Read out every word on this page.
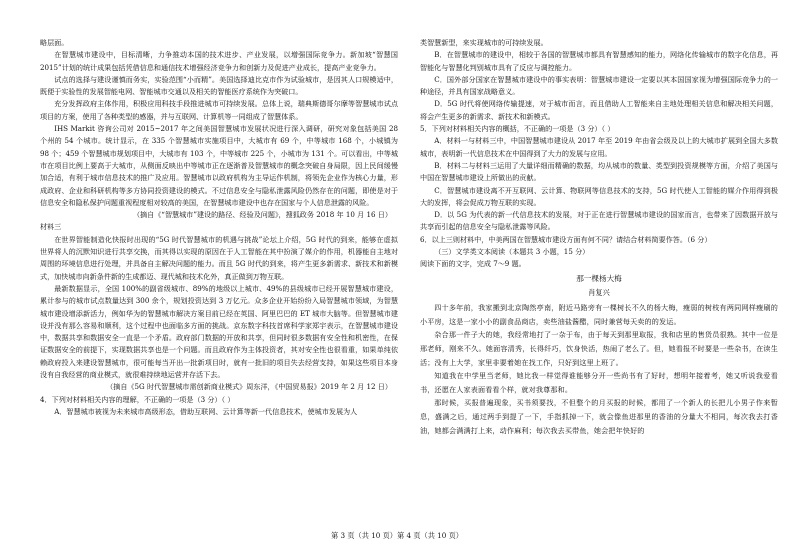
略层面。

在智慧城市建设中，目标清晰，力争推动本国的技术进步、产业发展，以增强国际竞争力。新加坡“智慧国2015”计划的统计成果包括凭借信息和通信技术增强经济竞争力和创新力及促进产业成长，提高产业竞争力。

试点的选择与建设谨慎而务实，实验范围“小而精”。美国选择迪比克市作为试验城市，是因其人口规模适中，既便于实验性的发展智能电网、智能城市交通以及相关的智能医疗系统作为突破口。

充分发挥政府主体作用，积极应用科技手段推进城市可持续发展。总体上说，瑞典斯德哥尔摩等智慧城市试点项目的方案，使用了各种类型的感器，并与互联网、计算机等一同组成了智慧体系。

IHS Markit 咨询公司对 2015~2017 年之间美国智慧城市发展状况进行深入调研，研究对象包括美国 28 个州的 54 个城市。统计显示，在 335 个智慧城市实施项目中，大城市有 69 个，中等城市 168 个，小城镇为 98 个；459 个智慧城市规划项目中，大城市有 103 个，中等城市 225 个，小城市为 131 个。可以看出，中等城市在项目比例上要高于大城市，从侧面反映出中等城市正在逐渐普及智慧城市的概念突破自身局限，因上民间缓慢加合适，有利于城市信息技术的推广及应用。智慧城市以政府机构为主导运作机制，将领先企业作为核心力量，形成政府、企业和科研机构等多方协同投资建设的模式。不过信息安全与隐私泄露风险仍然存在的问题，即使是对于信息安全和隐私保护问题重视程度相对较高的美国，在智慧城市建设中也存在国家与个人信息泄露的风险。

（摘自《“智慧城市”建设的路径、经验及问题》，搜狐政务 2018 年 10 月 16 日）

材料三

在世界智能制造化快报时出现的“5G 时代智慧城市的机遇与挑战”论坛上介绍，5G 时代的到来，能够在虚拟世界将人的沉默知识进行共享交换，而其得以实现的原因在于人工智能在其中扮演了媒介的作用，机器能自主地对周围的环境信息进行处理，并具备自主解决问题的能力。而且 5G 时代的到来，将产生更多新需求、新技术和新模式，加快城市向新条件新的生成都迈、现代城和技术化外，真正做到万物互联。

最新数据显示，全国 100%的副省级城市、89%的地级以上城市、49%的县级城市已经开展智慧城市建设，累计参与的城市试点数量达到 300 余个，规划投资达到 3 万亿元。众多企业开始纷纷入局智慧城市领域，为智慧城市建设增添新活力，例如华为的智慧城市解决方案目前已经在英国、阿里巴巴的 ET 城市大脑等。但智慧城市建设并没有那么容易和顺利，这个过程中也面临多方面的挑战。京东数字科技首席科学家郑宇表示，在智慧城市建设中，数据共享和数据安全一直是一个矛盾。政府部门数据的开放和共享，但同时很多数据有安全性和机密性，在保证数据安全的前提下，实现数据共享也是一个问题。而且政府作为主体投资者，其对安全性也很看重，如果单纯依赖政府投入来建设智慧城市，很可能每当开出一批新项目时，就有一批旧的项目失去经营支持，如果这些项目本身没有自我经营的商业模式，就很难持续地运营并存活下去。

（摘自《5G 时代智慧城市需创新商业模式》周东洋，《中国贸易报》2019 年 2 月 12 日）

4．下列对材料相关内容的理解，不正确的一项是（3 分）（ ）

A．智慧城市被视为未来城市高级形态，借助互联网、云计算等新一代信息技术，使城市发展为人

类智慧新型，来实现城市的可持续发展。

B．在智慧城市的建设中，相较于各国的智慧城市都具有智慧感知的能力，网络化传输城市的数字化信息，再智能化与智慧化判别城市具有了反应与调控能力。

C．国外部分国家在智慧城市建设中的事实表明：智慧城市建设一定要以其本国国家视为增强国际竞争力的一种途径，并具有国家战略意义。

D．5G 时代将使网络传输提速，对于城市而言，而且借助人工智能来自主地处理相关信息和解决相关问题，将会产生更多的新需求、新技术和新模式。

5．下列对材料相关内容的概括，不正确的一项是（3 分）（ ）

A．材料一与材料三中，中国智慧城市建设从 2017 年至 2019 年由省会级及以上的大城市扩展到全国大多数城市，表明新一代信息技术在中国得到了大力的发展与应用。

B．材料二与材料三运用了大量详细而精确的数据，均从城市的数量、类型到投资规模等方面，介绍了美国与中国在智慧城市建设上所做出的贡献。

C．智慧城市建设离不开互联网、云计算、物联网等信息技术的支持，5G 时代使人工智能的媒介作用得到极大的发挥，将会促成万物互联的实现。

D．以 5G 为代表的新一代信息技术的发展，对于正在进行智慧城市建设的国家而言，也带来了因数据开放与共享而引起的信息安全与隐私泄露等风险。

6．以上三则材料中，中美两国在智慧城市建设方面有何不同？请结合材料简要作答。（6 分）

（三）文学类文本阅读（本题共 3 小题，15 分）

阅读下面的文字，完成 7～9 题。

那一棵杨大梅

肖复兴

四十多年前，我家搬到北京陶然亭南，附近马路旁有一棵树长不久的杨大梅，瘦弱的树枝有两同网样瘦刷的小平房，这是一家小小的副食品商店，卖些油盐酱醋，同时兼营每天卖的的发运。

杂合那一件子大的她，我经常地打了一杂于布，由于每天到那里取报，我和店里的售货员很熟。其中一位是邢老师，刚来不久。她面容清秀，长得纤巧，饮身快活，热闹了老么了。但，她看报不时要是一些杂书，在读生活；没有上大学，家里非要着她在找工作，只好到这里上班了。

知道我在中学里当老师，她比我一样觉得谁能够分开一些尚书有了好时，想明年接着考，她又听说我爱看书，还愿在人家表面看看个样，就对我尊那和。

那时候，买报普遍现象，买书须要找，不但整个的月买报的时候，都用了一个新人的长把儿小男子作来暂息，盛满之后，通过两手到提了一下，手指抓掉一下，就会像鱼进那里的香油的分量大不相同，每次我去打香油，她都会满满打上来，动作麻利；每次我去买带鱼，她会把年快好的

第 3 页（共 10 页）第 4 页（共 10 页）
